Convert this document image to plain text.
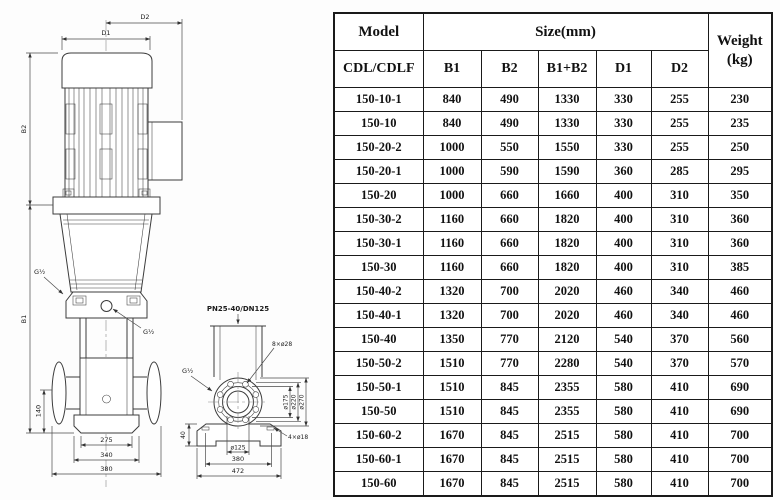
D1
D2
B2
B1
140
275
340
380
G½
G½
PN25-40/DN125
8×ø28
G½
40
ø125
380
472
4×ø18
ø175 ø220 ø270
Model	Size(mm)					Weight
(kg)

CDL/CDLF	B1	B2	B1+B2	D1	D2	
150-10-1	840	490	1330	330	255	230
150-10	840	490	1330	330	255	235
150-20-2	1000	550	1550	330	255	250
150-20-1	1000	590	1590	360	285	295
150-20	1000	660	1660	400	310	350
150-30-2	1160	660	1820	400	310	360
150-30-1	1160	660	1820	400	310	360
150-30	1160	660	1820	400	310	385
150-40-2	1320	700	2020	460	340	460
150-40-1	1320	700	2020	460	340	460
150-40	1350	770	2120	540	370	560
150-50-2	1510	770	2280	540	370	570
150-50-1	1510	845	2355	580	410	690
150-50	1510	845	2355	580	410	690
150-60-2	1670	845	2515	580	410	700
150-60-1	1670	845	2515	580	410	700
150-60	1670	845	2515	580	410	700
